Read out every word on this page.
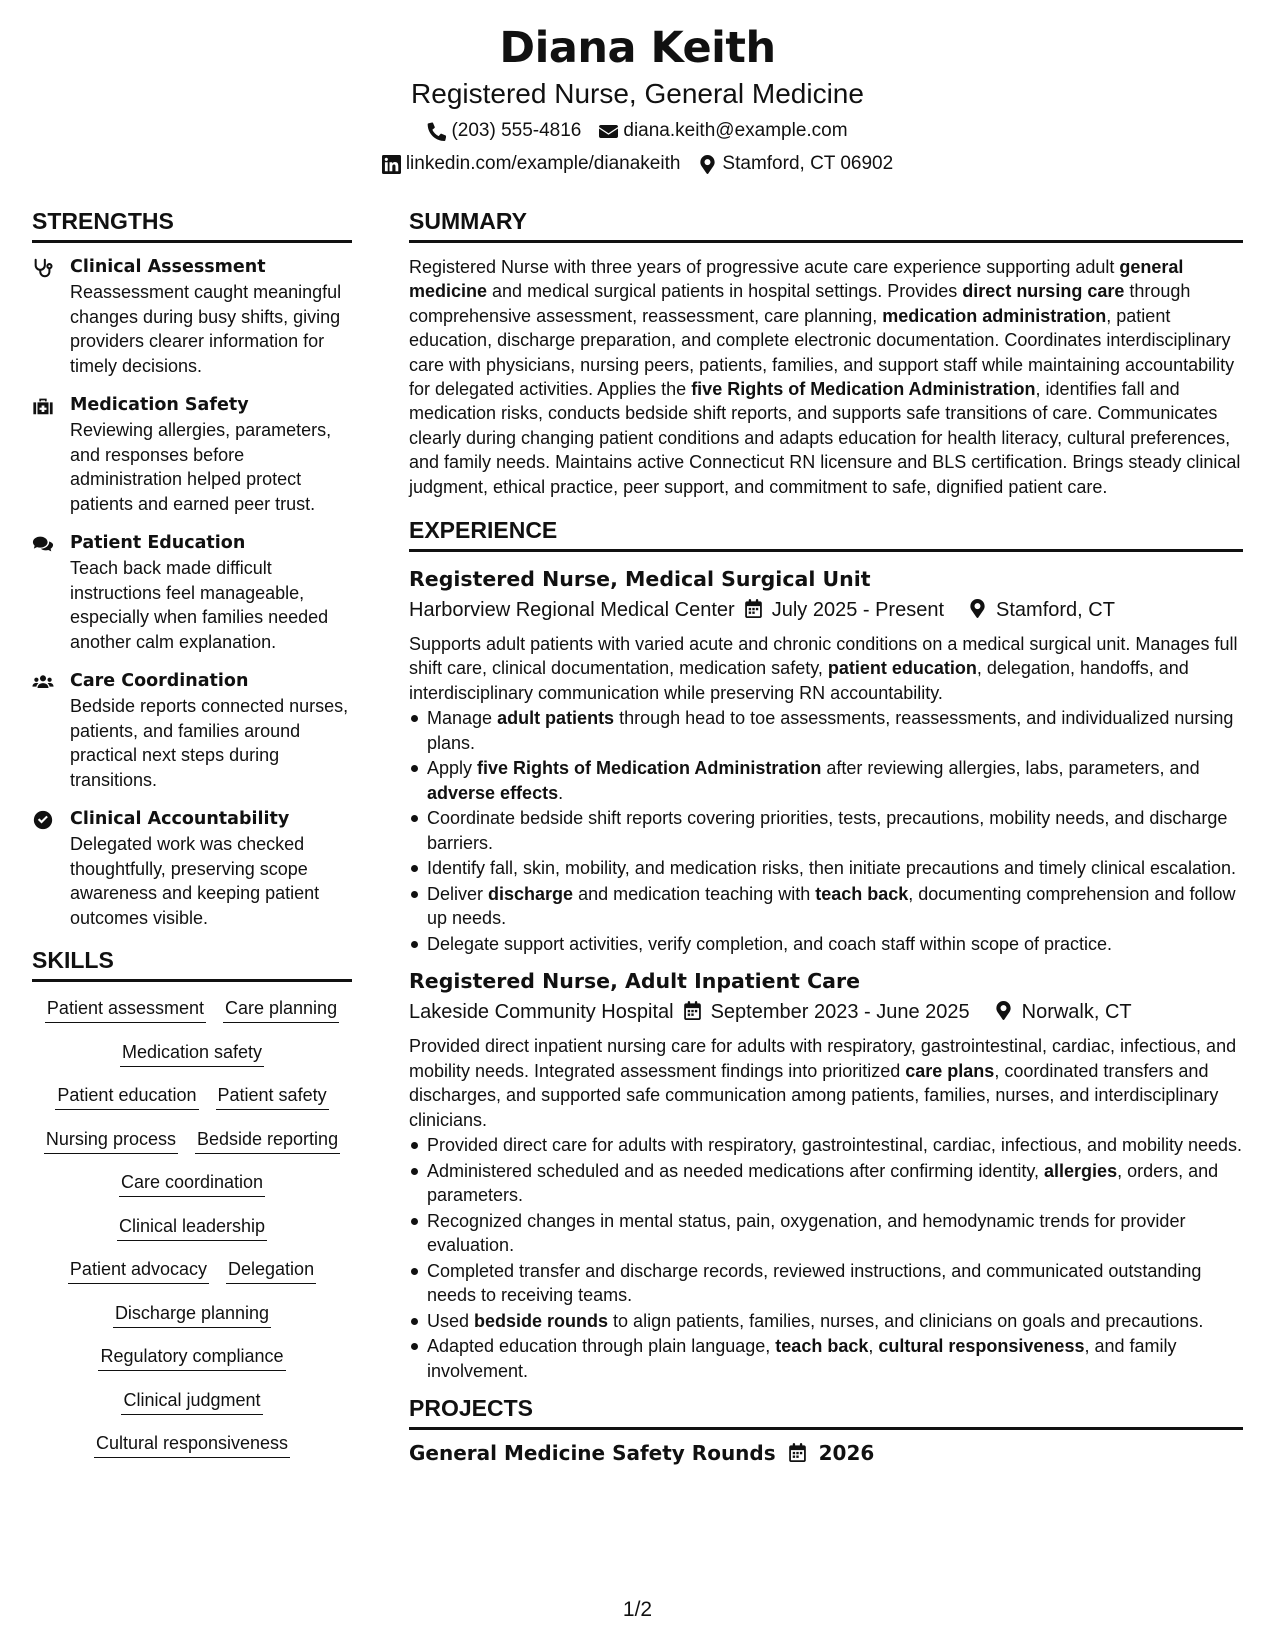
Diana Keith
Registered Nurse, General Medicine
(203) 555-4816 diana.keith@example.com
linkedin.com/example/dianakeith Stamford, CT 06902
STRENGTHS
Clinical Assessment
Reassessment caught meaningful changes during busy shifts, giving providers clearer information for timely decisions.
Medication Safety
Reviewing allergies, parameters, and responses before administration helped protect patients and earned peer trust.
Patient Education
Teach back made difficult instructions feel manageable, especially when families needed another calm explanation.
Care Coordination
Bedside reports connected nurses, patients, and families around practical next steps during transitions.
Clinical Accountability
Delegated work was checked thoughtfully, preserving scope awareness and keeping patient outcomes visible.
SKILLS
Patient assessment Care planning
Medication safety
Patient education Patient safety
Nursing process Bedside reporting
Care coordination
Clinical leadership
Patient advocacy Delegation
Discharge planning
Regulatory compliance
Clinical judgment
Cultural responsiveness
SUMMARY
Registered Nurse with three years of progressive acute care experience supporting adult general medicine and medical surgical patients in hospital settings. Provides direct nursing care through comprehensive assessment, reassessment, care planning, medication administration, patient education, discharge preparation, and complete electronic documentation. Coordinates interdisciplinary care with physicians, nursing peers, patients, families, and support staff while maintaining accountability for delegated activities. Applies the five Rights of Medication Administration, identifies fall and medication risks, conducts bedside shift reports, and supports safe transitions of care. Communicates clearly during changing patient conditions and adapts education for health literacy, cultural preferences, and family needs. Maintains active Connecticut RN licensure and BLS certification. Brings steady clinical judgment, ethical practice, peer support, and commitment to safe, dignified patient care.
EXPERIENCE
Registered Nurse, Medical Surgical Unit
Harborview Regional Medical Center July 2025 - Present	Stamford, CT
Supports adult patients with varied acute and chronic conditions on a medical surgical unit. Manages full shift care, clinical documentation, medication safety, patient education, delegation, handoffs, and interdisciplinary communication while preserving RN accountability.
Manage adult patients through head to toe assessments, reassessments, and individualized nursing plans.
Apply five Rights of Medication Administration after reviewing allergies, labs, parameters, and adverse effects.
Coordinate bedside shift reports covering priorities, tests, precautions, mobility needs, and discharge barriers.
Identify fall, skin, mobility, and medication risks, then initiate precautions and timely clinical escalation.
Deliver discharge and medication teaching with teach back, documenting comprehension and follow up needs.
Delegate support activities, verify completion, and coach staff within scope of practice.
Registered Nurse, Adult Inpatient Care
Lakeside Community Hospital September 2023 - June 2025	Norwalk, CT
Provided direct inpatient nursing care for adults with respiratory, gastrointestinal, cardiac, infectious, and mobility needs. Integrated assessment findings into prioritized care plans, coordinated transfers and discharges, and supported safe communication among patients, families, nurses, and interdisciplinary clinicians.
Provided direct care for adults with respiratory, gastrointestinal, cardiac, infectious, and mobility needs.
Administered scheduled and as needed medications after confirming identity, allergies, orders, and parameters.
Recognized changes in mental status, pain, oxygenation, and hemodynamic trends for provider evaluation.
Completed transfer and discharge records, reviewed instructions, and communicated outstanding needs to receiving teams.
Used bedside rounds to align patients, families, nurses, and clinicians on goals and precautions.
Adapted education through plain language, teach back, cultural responsiveness, and family involvement.
PROJECTS
General Medicine Safety Rounds 2026
1/2
